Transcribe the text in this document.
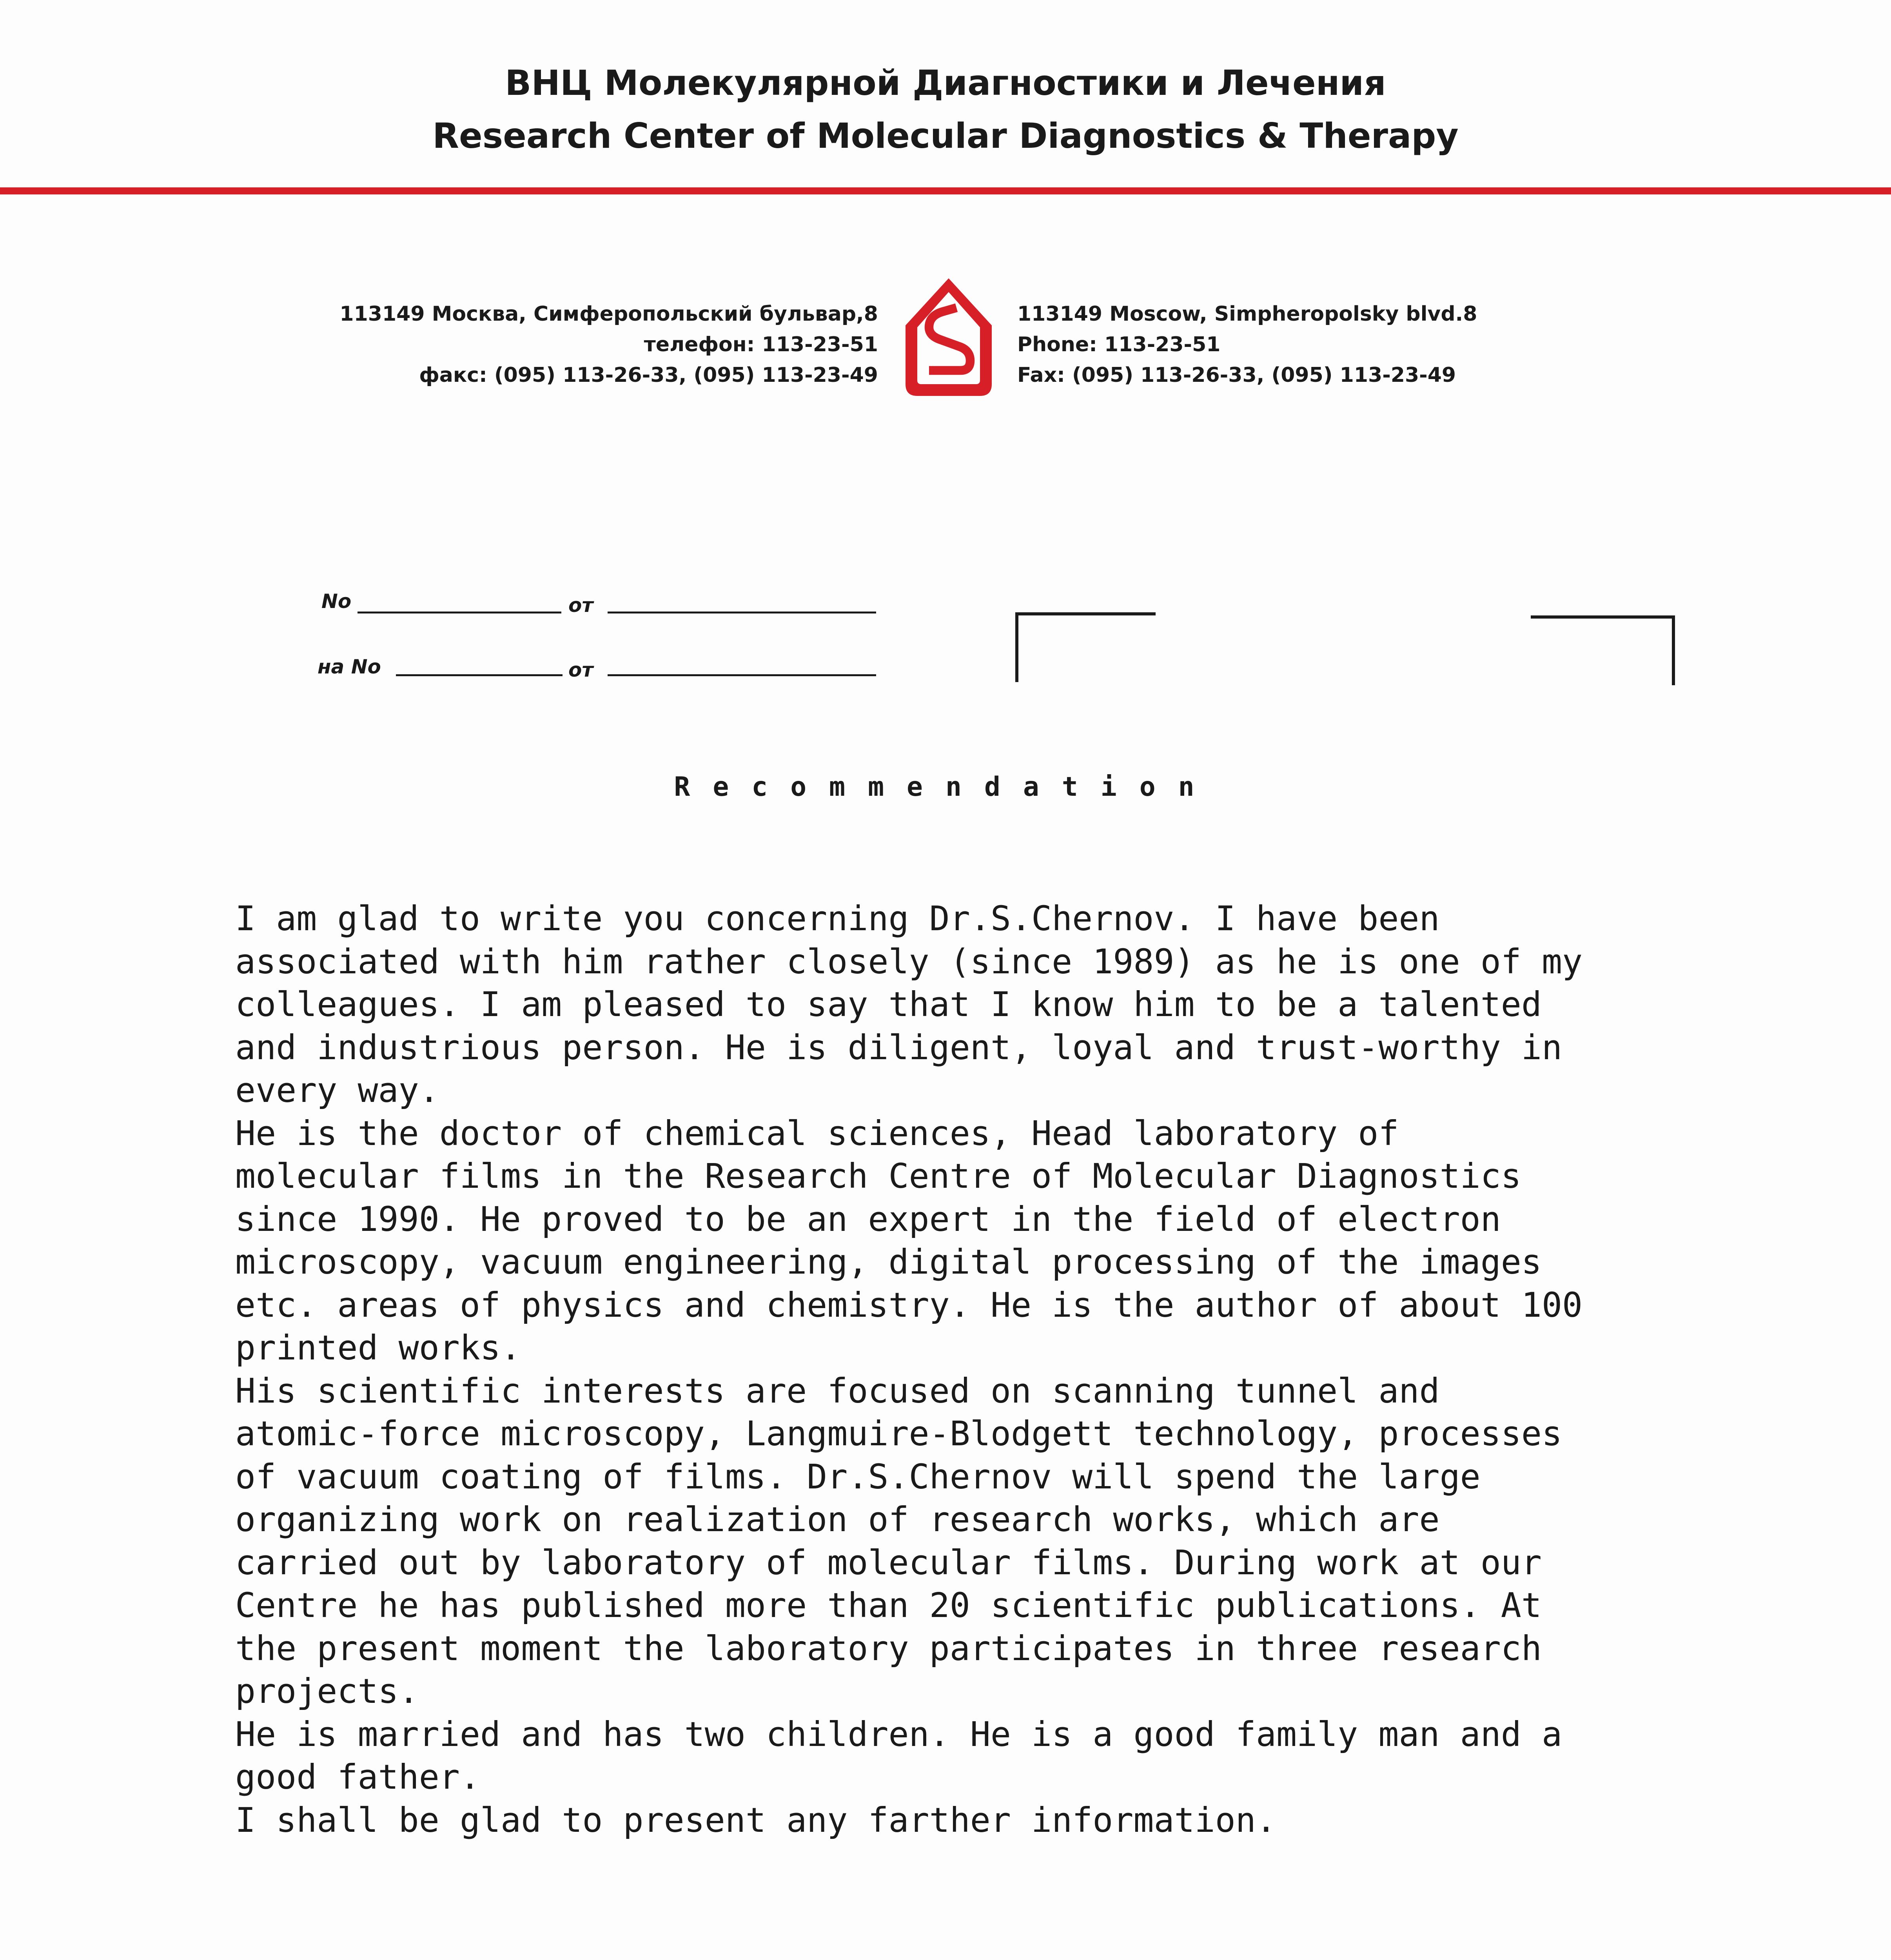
ВНЦ Молекулярной Диагностики и Лечения
Research Center of Molecular Diagnostics & Therapy
113149 Москва, Симферопольский бульвар,8
телефон: 113-23-51
факс: (095) 113-26-33, (095) 113-23-49
113149 Moscow, Simpheropolsky blvd.8
Phone: 113-23-51
Fax: (095) 113-26-33, (095) 113-23-49
No	от
на No	от
Recommendation
I am glad to write you concerning Dr.S.Chernov. I have been
associated with him rather closely (since 1989) as he is one of my
colleagues. I am pleased to say that I know him to be a talented
and industrious person. He is diligent, loyal and trust-worthy in
every way.
He is the doctor of chemical sciences, Head laboratory of
molecular films in the Research Centre of Molecular Diagnostics
since 1990. He proved to be an expert in the field of electron
microscopy, vacuum engineering, digital processing of the images
etc. areas of physics and chemistry. He is the author of about 100
printed works.
His scientific interests are focused on scanning tunnel and
atomic-force microscopy, Langmuire-Blodgett technology, processes
of vacuum coating of films. Dr.S.Chernov will spend the large
organizing work on realization of research works, which are
carried out by laboratory of molecular films. During work at our
Centre he has published more than 20 scientific publications. At
the present moment the laboratory participates in three research
projects.
He is married and has two children. He is a good family man and a
good father.
I shall be glad to present any farther information.
